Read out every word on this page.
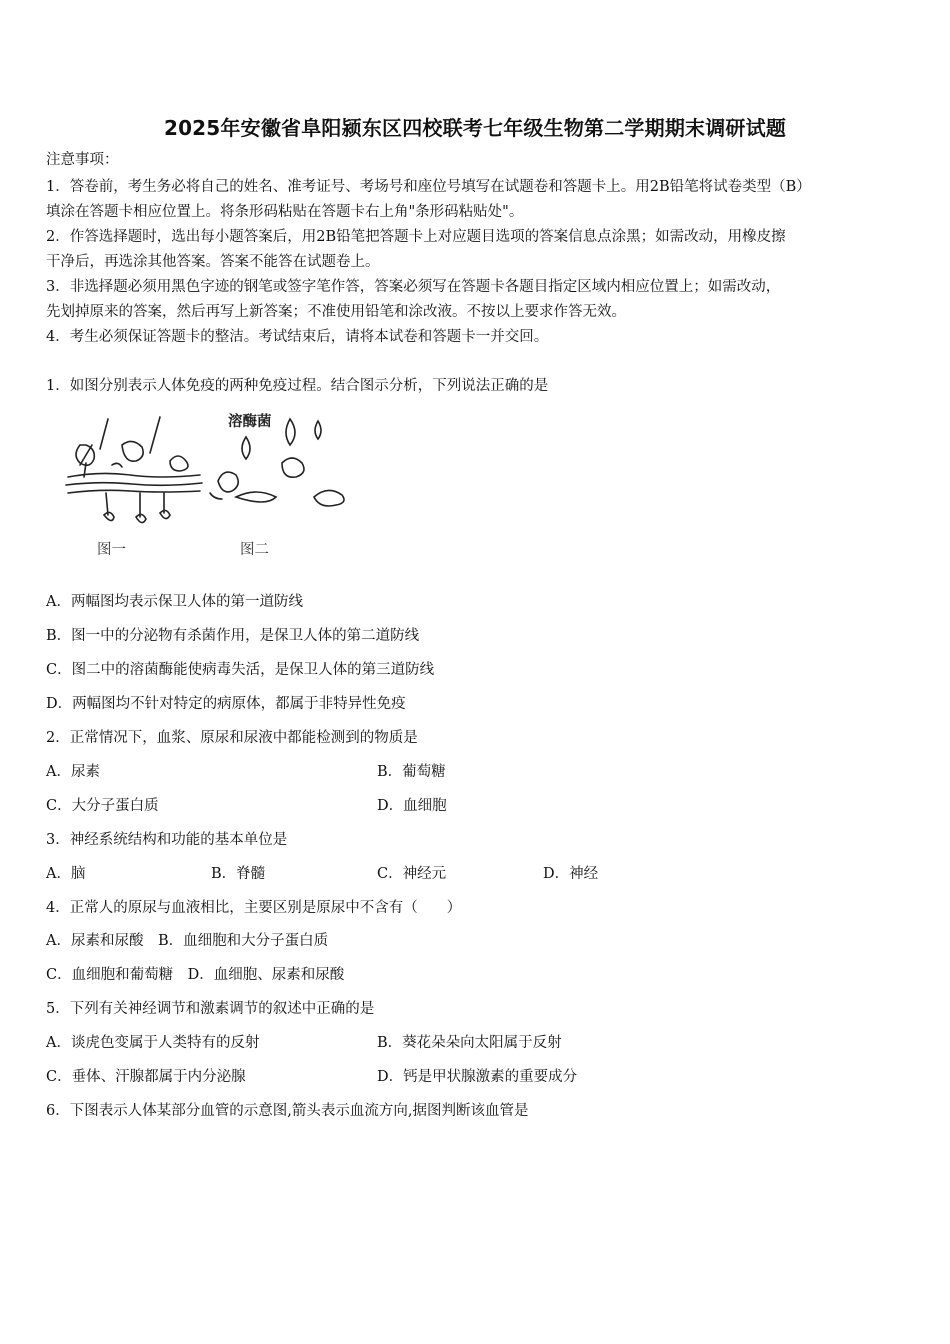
2025年安徽省阜阳颍东区四校联考七年级生物第二学期期末调研试题
注意事项：
1．答卷前，考生务必将自己的姓名、准考证号、考场号和座位号填写在试题卷和答题卡上。用2B铅笔将试卷类型（B）
填涂在答题卡相应位置上。将条形码粘贴在答题卡右上角"条形码粘贴处"。
2．作答选择题时，选出每小题答案后，用2B铅笔把答题卡上对应题目选项的答案信息点涂黑；如需改动，用橡皮擦
干净后，再选涂其他答案。答案不能答在试题卷上。
3．非选择题必须用黑色字迹的钢笔或签字笔作答，答案必须写在答题卡各题目指定区域内相应位置上；如需改动，
先划掉原来的答案，然后再写上新答案；不准使用铅笔和涂改液。不按以上要求作答无效。
4．考生必须保证答题卡的整洁。考试结束后，请将本试卷和答题卡一并交回。
1．如图分别表示人体免疫的两种免疫过程。结合图示分析，下列说法正确的是
溶酶菌
图一	图二
A．两幅图均表示保卫人体的第一道防线
B．图一中的分泌物有杀菌作用，是保卫人体的第二道防线
C．图二中的溶菌酶能使病毒失活，是保卫人体的第三道防线
D．两幅图均不针对特定的病原体，都属于非特异性免疫
2．正常情况下，血浆、原尿和尿液中都能检测到的物质是
A．尿素	B．葡萄糖
C．大分子蛋白质	D．血细胞
3．神经系统结构和功能的基本单位是
A．脑	B．脊髓	C．神经元	D．神经
4．正常人的原尿与血液相比，主要区别是原尿中不含有（　　）
A．尿素和尿酸　B．血细胞和大分子蛋白质
C．血细胞和葡萄糖　D．血细胞、尿素和尿酸
5．下列有关神经调节和激素调节的叙述中正确的是
A．谈虎色变属于人类特有的反射	B．葵花朵朵向太阳属于反射
C．垂体、汗腺都属于内分泌腺	D．钙是甲状腺激素的重要成分
6．下图表示人体某部分血管的示意图,箭头表示血流方向,据图判断该血管是
